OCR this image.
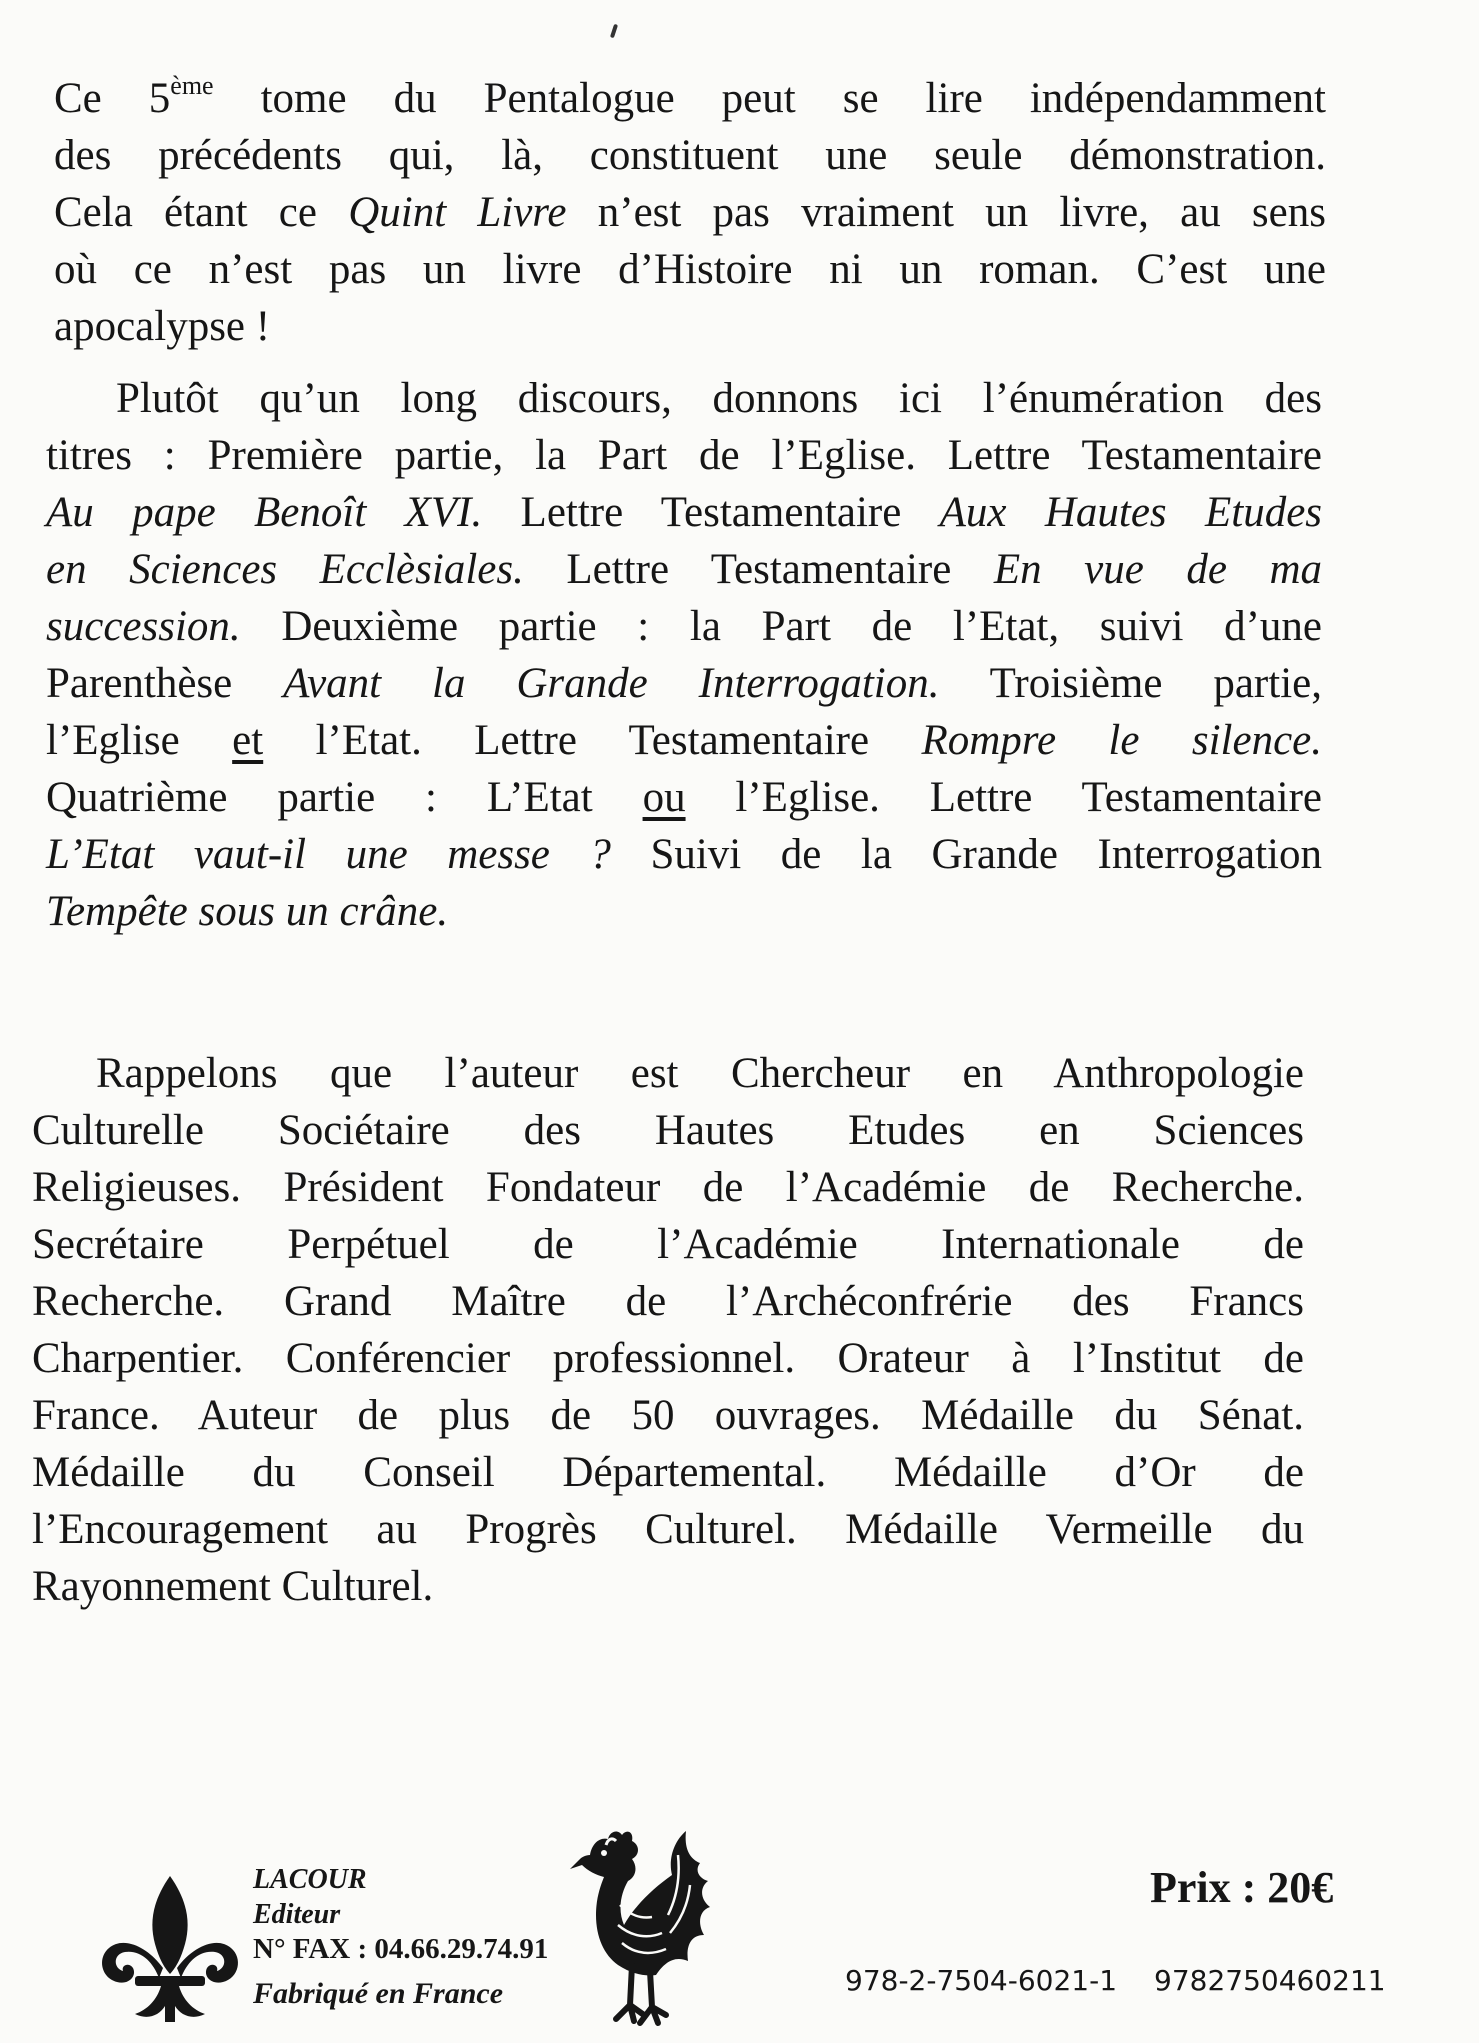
Ce 5ème tome du Pentalogue peut se lire indépendamment
des précédents qui, là, constituent une seule démonstration.
Cela étant ce Quint Livre n’est pas vraiment un livre, au sens
où ce n’est pas un livre d’Histoire ni un roman. C’est une
apocalypse !

Plutôt qu’un long discours, donnons ici l’énumération des
titres : Première partie, la Part de l’Eglise. Lettre Testamentaire
Au pape Benoît XVI. Lettre Testamentaire Aux Hautes Etudes
en Sciences Ecclèsiales. Lettre Testamentaire En vue de ma
succession. Deuxième partie : la Part de l’Etat, suivi d’une
Parenthèse Avant la Grande Interrogation. Troisième partie,
l’Eglise et l’Etat. Lettre Testamentaire Rompre le silence.
Quatrième partie : L’Etat ou l’Eglise. Lettre Testamentaire
L’Etat vaut-il une messe ? Suivi de la Grande Interrogation
Tempête sous un crâne.

Rappelons que l’auteur est Chercheur en Anthropologie
Culturelle Sociétaire des Hautes Etudes en Sciences
Religieuses. Président Fondateur de l’Académie de Recherche.
Secrétaire Perpétuel de l’Académie Internationale de
Recherche. Grand Maître de l’Archéconfrérie des Francs
Charpentier. Conférencier professionnel. Orateur à l’Institut de
France. Auteur de plus de 50 ouvrages. Médaille du Sénat.
Médaille du Conseil Départemental. Médaille d’Or de
l’Encouragement au Progrès Culturel. Médaille Vermeille du
Rayonnement Culturel.

LACOUR
Editeur
N° FAX : 04.66.29.74.91
Fabriqué en France
Prix : 20€
978-2-7504-6021-1 9782750460211
